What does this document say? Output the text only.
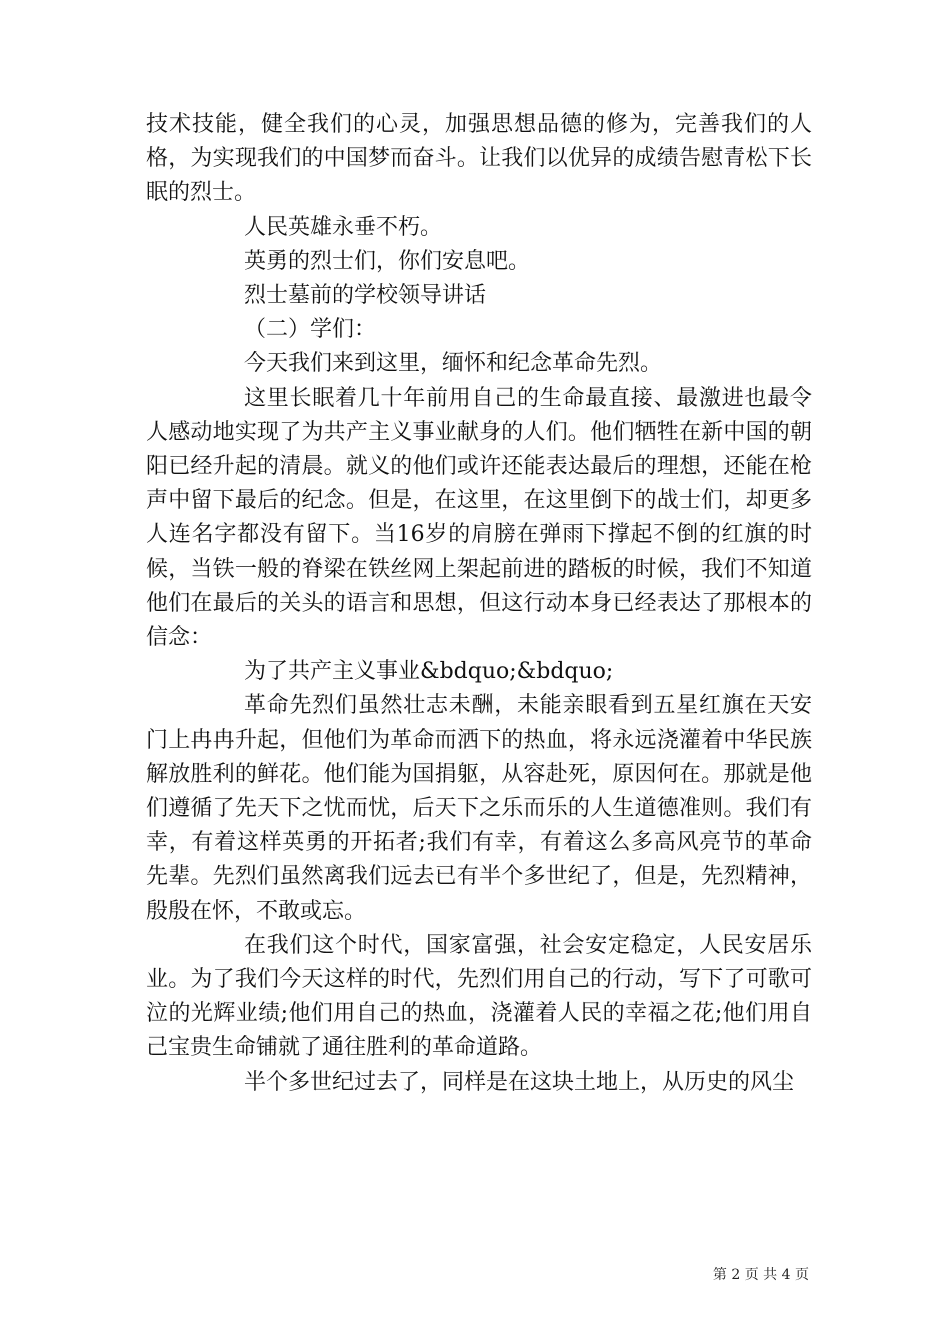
技术技能，健全我们的心灵，加强思想品德的修为，完善我们的人格，为实现我们的中国梦而奋斗。让我们以优异的成绩告慰青松下长眠的烈士。

人民英雄永垂不朽。

英勇的烈士们，你们安息吧。

烈士墓前的学校领导讲话

（二）学们：

今天我们来到这里，缅怀和纪念革命先烈。

这里长眠着几十年前用自己的生命最直接、最激进也最令人感动地实现了为共产主义事业献身的人们。他们牺牲在新中国的朝阳已经升起的清晨。就义的他们或许还能表达最后的理想，还能在枪声中留下最后的纪念。但是，在这里，在这里倒下的战士们，却更多人连名字都没有留下。当16岁的肩膀在弹雨下撑起不倒的红旗的时候，当铁一般的脊梁在铁丝网上架起前进的踏板的时候，我们不知道他们在最后的关头的语言和思想，但这行动本身已经表达了那根本的信念：

为了共产主义事业&bdquo;&bdquo;

革命先烈们虽然壮志未酬，未能亲眼看到五星红旗在天安门上冉冉升起，但他们为革命而洒下的热血，将永远浇灌着中华民族解放胜利的鲜花。他们能为国捐躯，从容赴死，原因何在。那就是他们遵循了先天下之忧而忧，后天下之乐而乐的人生道德准则。我们有幸，有着这样英勇的开拓者;我们有幸，有着这么多高风亮节的革命先辈。先烈们虽然离我们远去已有半个多世纪了，但是，先烈精神，殷殷在怀，不敢或忘。

在我们这个时代，国家富强，社会安定稳定，人民安居乐业。为了我们今天这样的时代，先烈们用自己的行动，写下了可歌可泣的光辉业绩;他们用自己的热血，浇灌着人民的幸福之花;他们用自己宝贵生命铺就了通往胜利的革命道路。

半个多世纪过去了，同样是在这块土地上，从历史的风尘

第 2 页 共 4 页
